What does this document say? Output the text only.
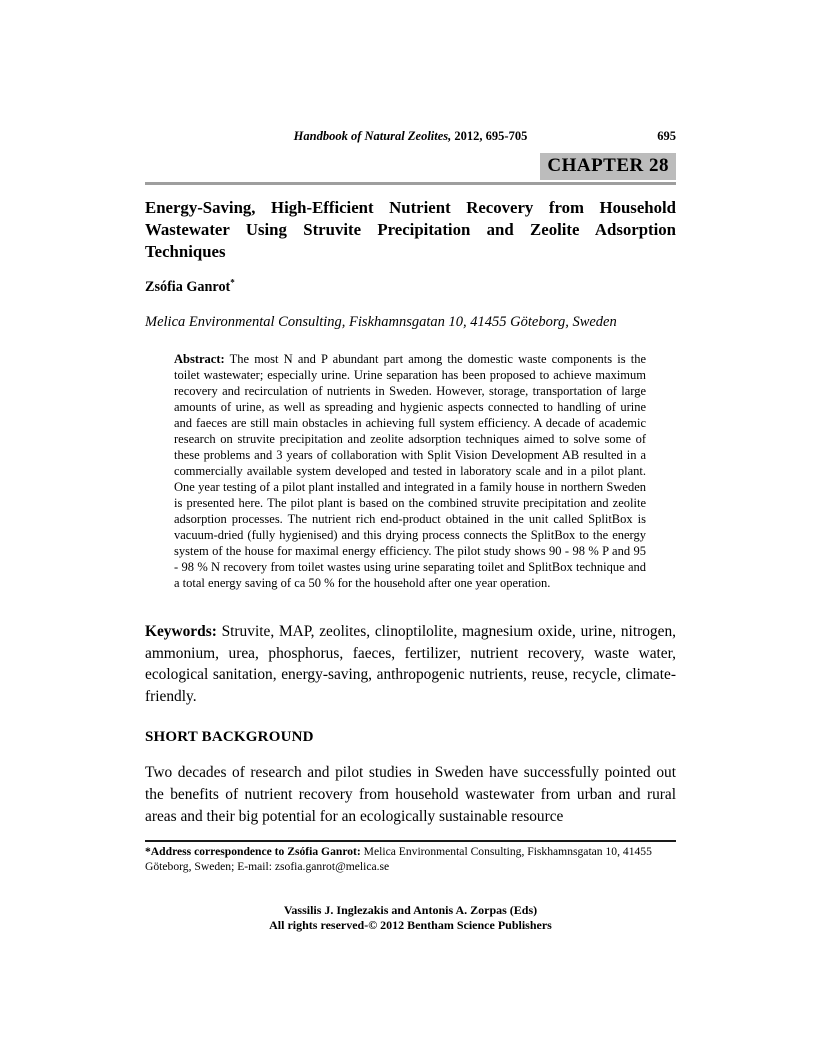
Handbook of Natural Zeolites, 2012, 695-705	695
CHAPTER 28
Energy-Saving, High-Efficient Nutrient Recovery from Household Wastewater Using Struvite Precipitation and Zeolite Adsorption Techniques
Zsófia Ganrot*
Melica Environmental Consulting, Fiskhamnsgatan 10, 41455 Göteborg, Sweden
Abstract: The most N and P abundant part among the domestic waste components is the toilet wastewater; especially urine. Urine separation has been proposed to achieve maximum recovery and recirculation of nutrients in Sweden. However, storage, transportation of large amounts of urine, as well as spreading and hygienic aspects connected to handling of urine and faeces are still main obstacles in achieving full system efficiency. A decade of academic research on struvite precipitation and zeolite adsorption techniques aimed to solve some of these problems and 3 years of collaboration with Split Vision Development AB resulted in a commercially available system developed and tested in laboratory scale and in a pilot plant. One year testing of a pilot plant installed and integrated in a family house in northern Sweden is presented here. The pilot plant is based on the combined struvite precipitation and zeolite adsorption processes. The nutrient rich end-product obtained in the unit called SplitBox is vacuum-dried (fully hygienised) and this drying process connects the SplitBox to the energy system of the house for maximal energy efficiency. The pilot study shows 90 - 98 % P and 95 - 98 % N recovery from toilet wastes using urine separating toilet and SplitBox technique and a total energy saving of ca 50 % for the household after one year operation.
Keywords: Struvite, MAP, zeolites, clinoptilolite, magnesium oxide, urine, nitrogen, ammonium, urea, phosphorus, faeces, fertilizer, nutrient recovery, waste water, ecological sanitation, energy-saving, anthropogenic nutrients, reuse, recycle, climate-friendly.
SHORT BACKGROUND
Two decades of research and pilot studies in Sweden have successfully pointed out the benefits of nutrient recovery from household wastewater from urban and rural areas and their big potential for an ecologically sustainable resource
*Address correspondence to Zsófia Ganrot: Melica Environmental Consulting, Fiskhamnsgatan 10, 41455 Göteborg, Sweden; E-mail: zsofia.ganrot@melica.se
Vassilis J. Inglezakis and Antonis A. Zorpas (Eds)
All rights reserved-© 2012 Bentham Science Publishers
